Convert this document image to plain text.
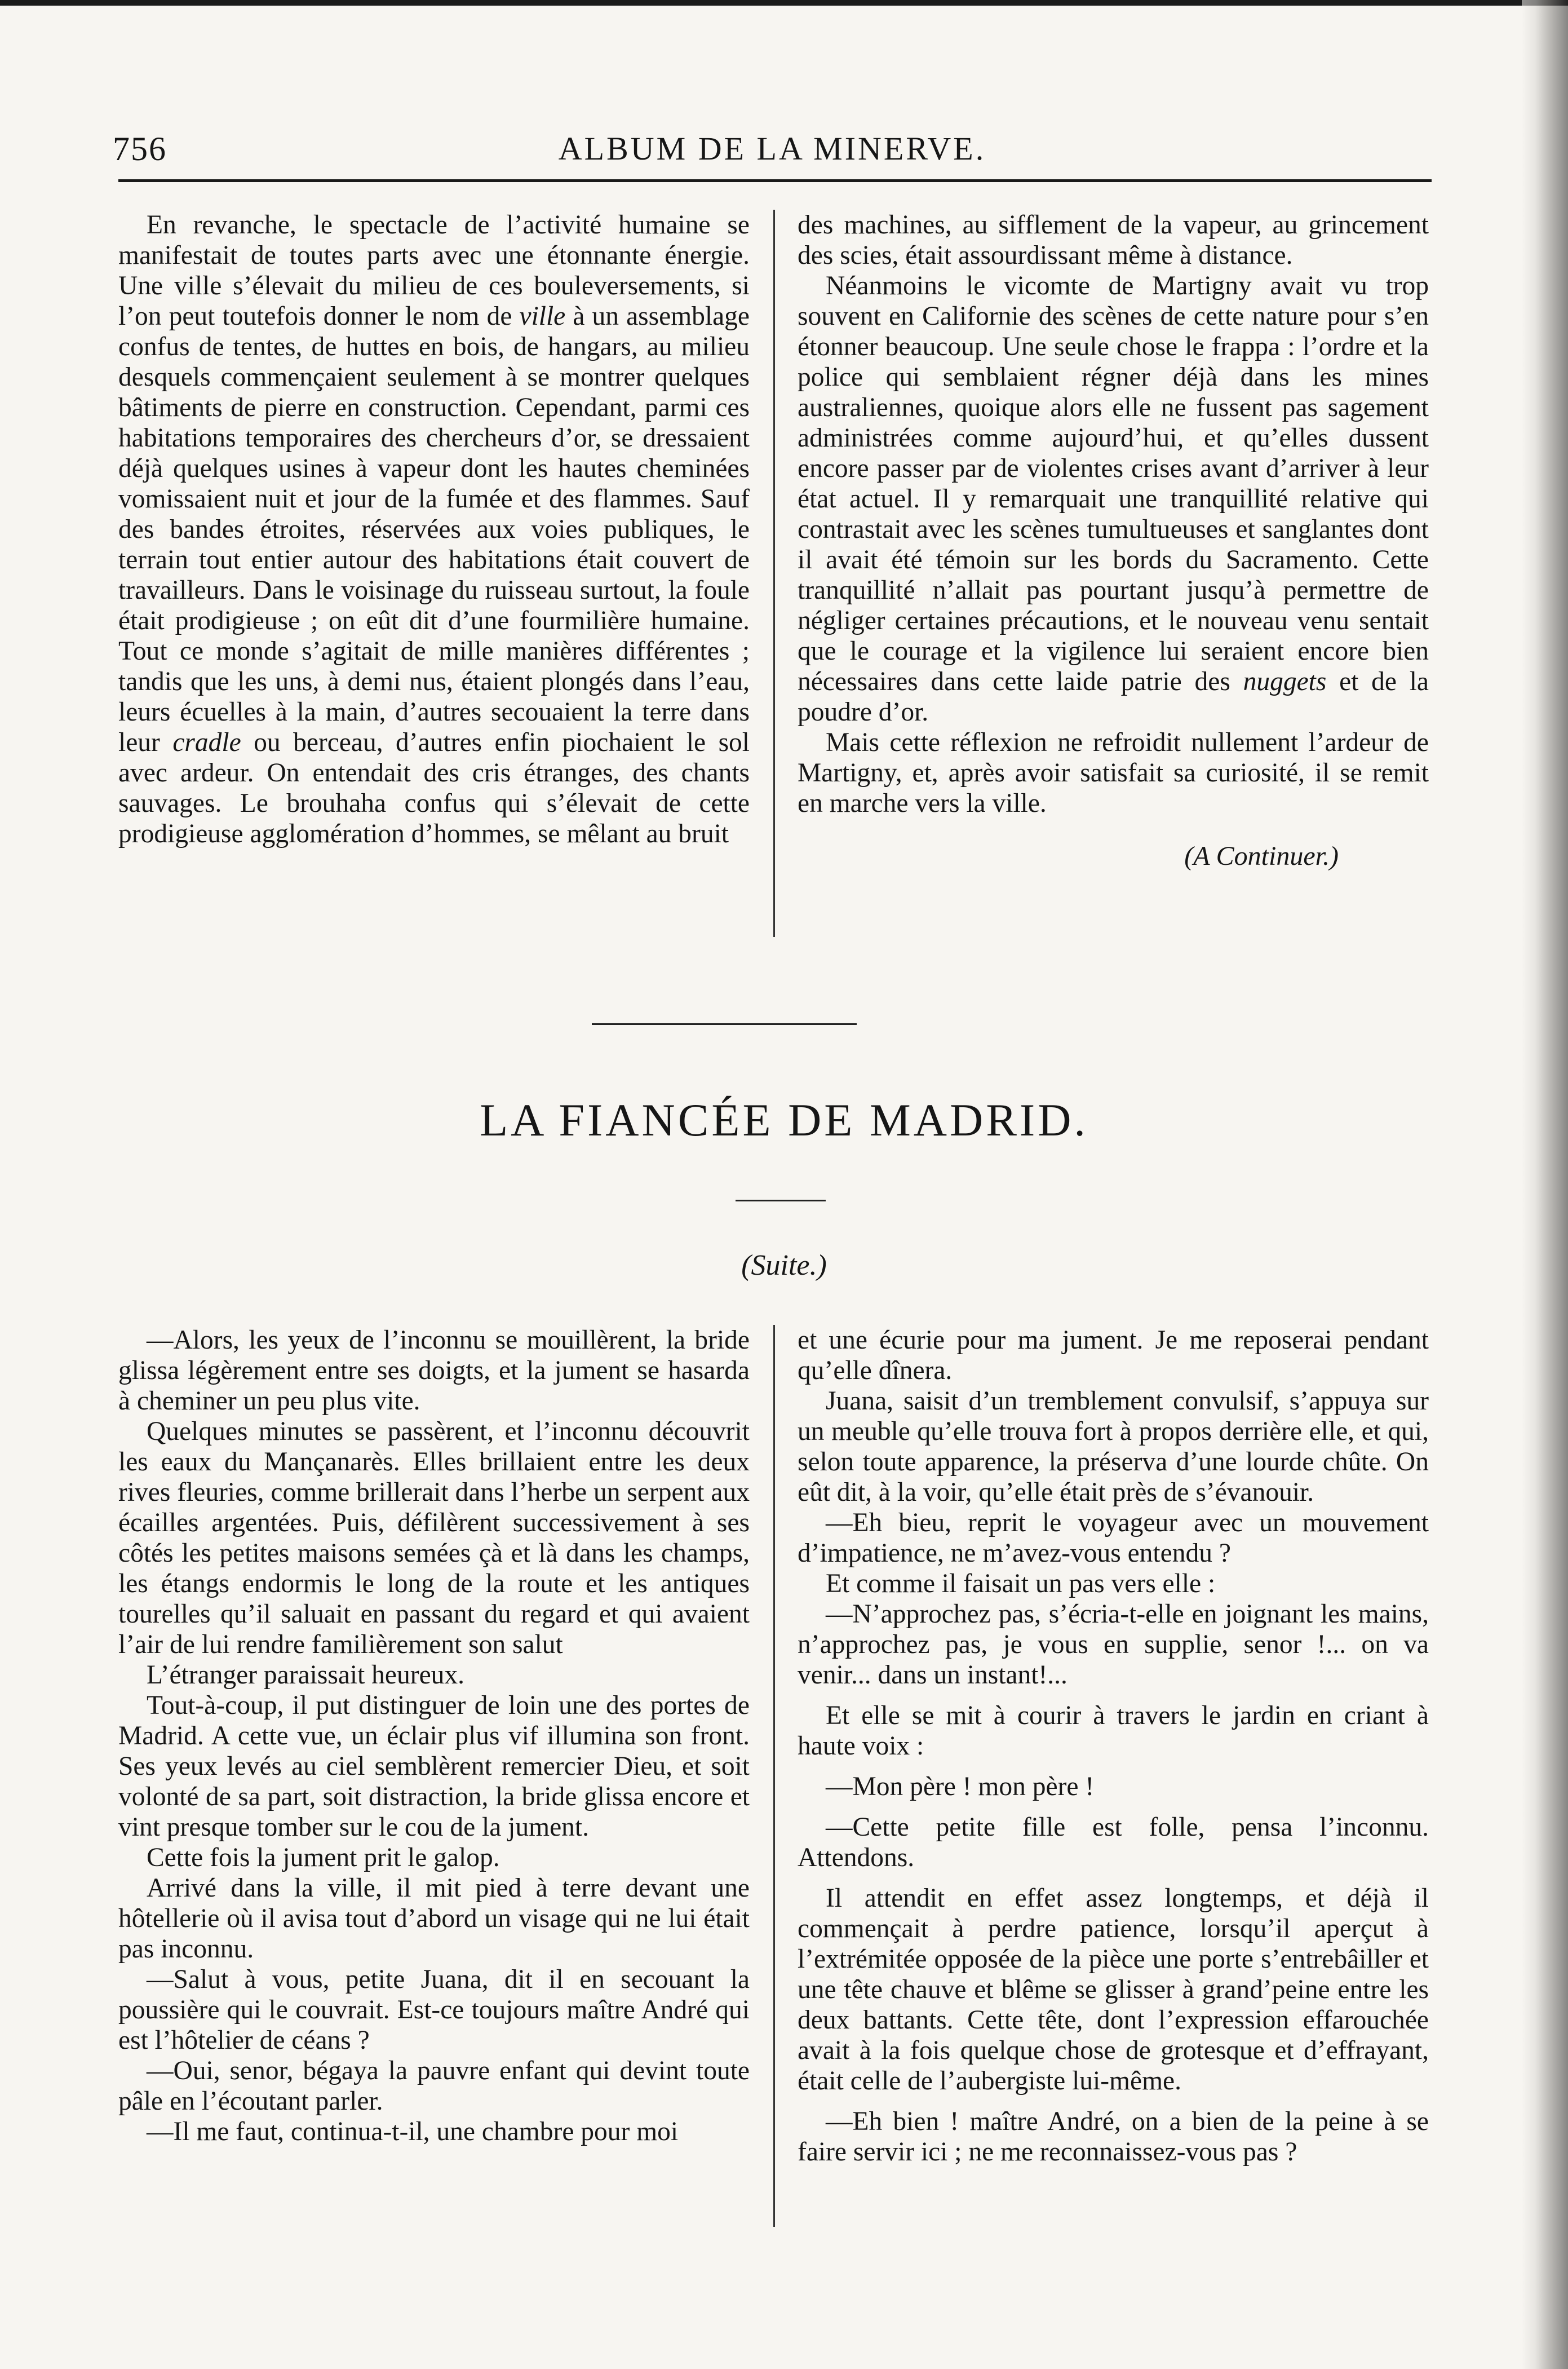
756	ALBUM DE LA MINERVE.

En revanche, le spectacle de l’activité humaine se manifestait de toutes parts avec une étonnante énergie. Une ville s’élevait du milieu de ces bouleversements, si l’on peut toutefois donner le nom de ville à un assemblage confus de tentes, de huttes en bois, de hangars, au milieu desquels commençaient seulement à se montrer quelques bâtiments de pierre en construction. Cependant, parmi ces habitations temporaires des chercheurs d’or, se dressaient déjà quelques usines à vapeur dont les hautes cheminées vomissaient nuit et jour de la fumée et des flammes. Sauf des bandes étroites, réservées aux voies publiques, le terrain tout entier autour des habitations était couvert de travailleurs. Dans le voisinage du ruisseau surtout, la foule était prodigieuse ; on eût dit d’une fourmilière humaine. Tout ce monde s’agitait de mille manières différentes ; tandis que les uns, à demi nus, étaient plongés dans l’eau, leurs écuelles à la main, d’autres secouaient la terre dans leur cradle ou berceau, d’autres enfin piochaient le sol avec ardeur. On entendait des cris étranges, des chants sauvages. Le brouhaha confus qui s’élevait de cette prodigieuse agglomération d’hommes, se mêlant au bruit

des machines, au sifflement de la vapeur, au grincement des scies, était assourdissant même à distance.

Néanmoins le vicomte de Martigny avait vu trop souvent en Californie des scènes de cette nature pour s’en étonner beaucoup. Une seule chose le frappa : l’ordre et la police qui semblaient régner déjà dans les mines australiennes, quoique alors elle ne fussent pas sagement administrées comme aujourd’hui, et qu’elles dussent encore passer par de violentes crises avant d’arriver à leur état actuel. Il y remarquait une tranquillité relative qui contrastait avec les scènes tumultueuses et sanglantes dont il avait été témoin sur les bords du Sacramento. Cette tranquillité n’allait pas pourtant jusqu’à permettre de négliger certaines précautions, et le nouveau venu sentait que le courage et la vigilence lui seraient encore bien nécessaires dans cette laide patrie des nuggets et de la poudre d’or.

Mais cette réflexion ne refroidit nullement l’ardeur de Martigny, et, après avoir satisfait sa curiosité, il se remit en marche vers la ville.

(A Continuer.)

LA FIANCÉE DE MADRID.
(Suite.)

—Alors, les yeux de l’inconnu se mouillèrent, la bride glissa légèrement entre ses doigts, et la jument se hasarda à cheminer un peu plus vite.

Quelques minutes se passèrent, et l’inconnu découvrit les eaux du Mançanarès. Elles brillaient entre les deux rives fleuries, comme brillerait dans l’herbe un serpent aux écailles argentées. Puis, défilèrent successivement à ses côtés les petites maisons semées çà et là dans les champs, les étangs endormis le long de la route et les antiques tourelles qu’il saluait en passant du regard et qui avaient l’air de lui rendre familièrement son salut

L’étranger paraissait heureux.

Tout-à-coup, il put distinguer de loin une des portes de Madrid. A cette vue, un éclair plus vif illumina son front. Ses yeux levés au ciel semblèrent remercier Dieu, et soit volonté de sa part, soit distraction, la bride glissa encore et vint presque tomber sur le cou de la jument.

Cette fois la jument prit le galop.

Arrivé dans la ville, il mit pied à terre devant une hôtellerie où il avisa tout d’abord un visage qui ne lui était pas inconnu.

—Salut à vous, petite Juana, dit il en secouant la poussière qui le couvrait. Est-ce toujours maître André qui est l’hôtelier de céans ?

—Oui, senor, bégaya la pauvre enfant qui devint toute pâle en l’écoutant parler.

—Il me faut, continua-t-il, une chambre pour moi

et une écurie pour ma jument. Je me reposerai pendant qu’elle dînera.

Juana, saisit d’un tremblement convulsif, s’appuya sur un meuble qu’elle trouva fort à propos derrière elle, et qui, selon toute apparence, la préserva d’une lourde chûte. On eût dit, à la voir, qu’elle était près de s’évanouir.

—Eh bieu, reprit le voyageur avec un mouvement d’impatience, ne m’avez-vous entendu ?

Et comme il faisait un pas vers elle :

—N’approchez pas, s’écria-t-elle en joignant les mains, n’approchez pas, je vous en supplie, senor !... on va venir... dans un instant!...

Et elle se mit à courir à travers le jardin en criant à haute voix :

—Mon père ! mon père !

—Cette petite fille est folle, pensa l’inconnu. Attendons.

Il attendit en effet assez longtemps, et déjà il commençait à perdre patience, lorsqu’il aperçut à l’extrémitée opposée de la pièce une porte s’entrebâiller et une tête chauve et blême se glisser à grand’peine entre les deux battants. Cette tête, dont l’expression effarouchée avait à la fois quelque chose de grotesque et d’effrayant, était celle de l’aubergiste lui-même.

—Eh bien ! maître André, on a bien de la peine à se faire servir ici ; ne me reconnaissez-vous pas ?
